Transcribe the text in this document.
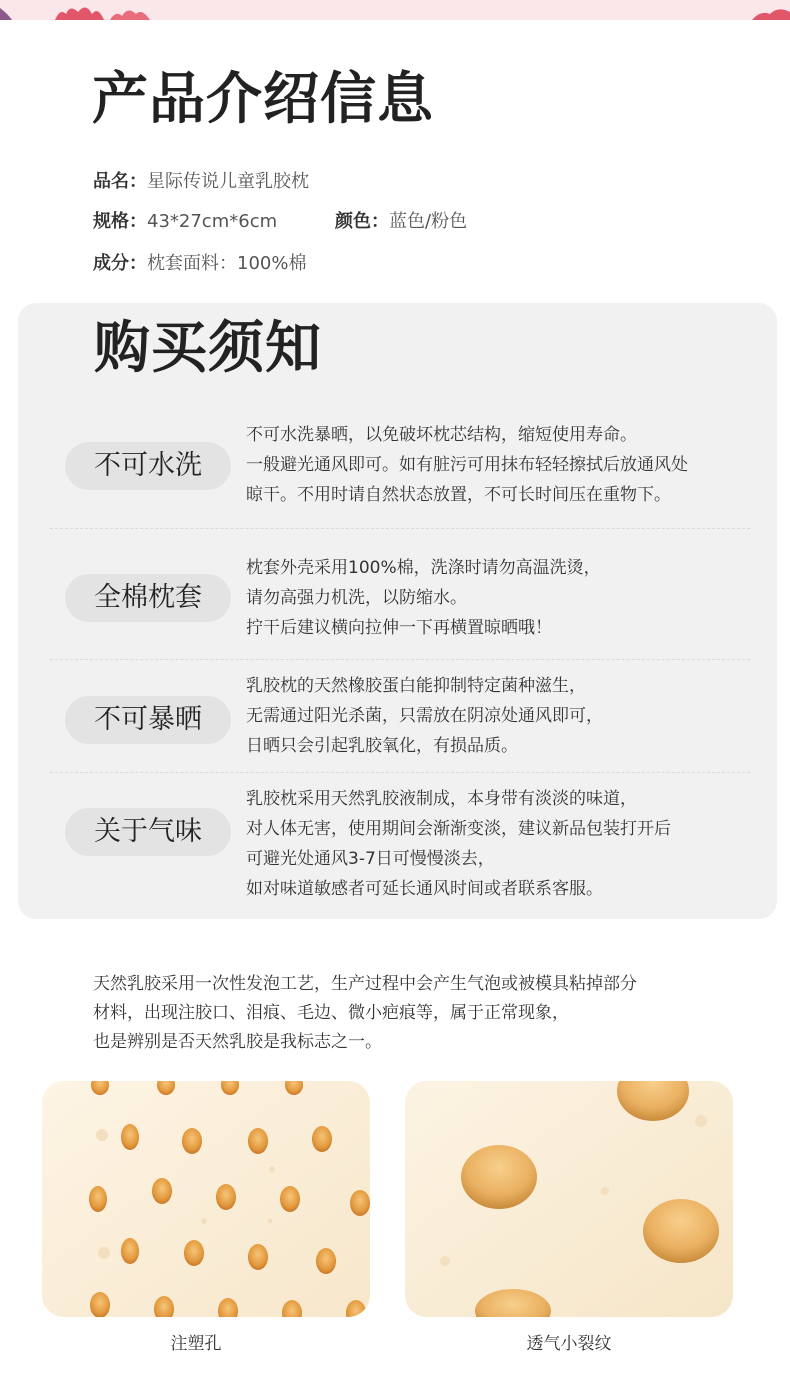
产品介绍信息
品名：星际传说儿童乳胶枕
规格：43*27cm*6cm	颜色：蓝色/粉色
成分：枕套面料：100%棉
购买须知
不可水洗
不可水洗暴晒，以免破坏枕芯结构，缩短使用寿命。
一般避光通风即可。如有脏污可用抹布轻轻擦拭后放通风处
晾干。不用时请自然状态放置，不可长时间压在重物下。
全棉枕套
枕套外壳采用100%棉，洗涤时请勿高温洗烫，
请勿高强力机洗，以防缩水。
拧干后建议横向拉伸一下再横置晾晒哦！
不可暴晒
乳胶枕的天然橡胶蛋白能抑制特定菌种滋生，
无需通过阳光杀菌，只需放在阴凉处通风即可，
日晒只会引起乳胶氧化，有损品质。
关于气味
乳胶枕采用天然乳胶液制成，本身带有淡淡的味道，
对人体无害，使用期间会渐渐变淡，建议新品包装打开后
可避光处通风3-7日可慢慢淡去，
如对味道敏感者可延长通风时间或者联系客服。
天然乳胶采用一次性发泡工艺，生产过程中会产生气泡或被模具粘掉部分
材料，出现注胶口、泪痕、毛边、微小疤痕等，属于正常现象，
也是辨别是否天然乳胶是我标志之一。
注塑孔	透气小裂纹
